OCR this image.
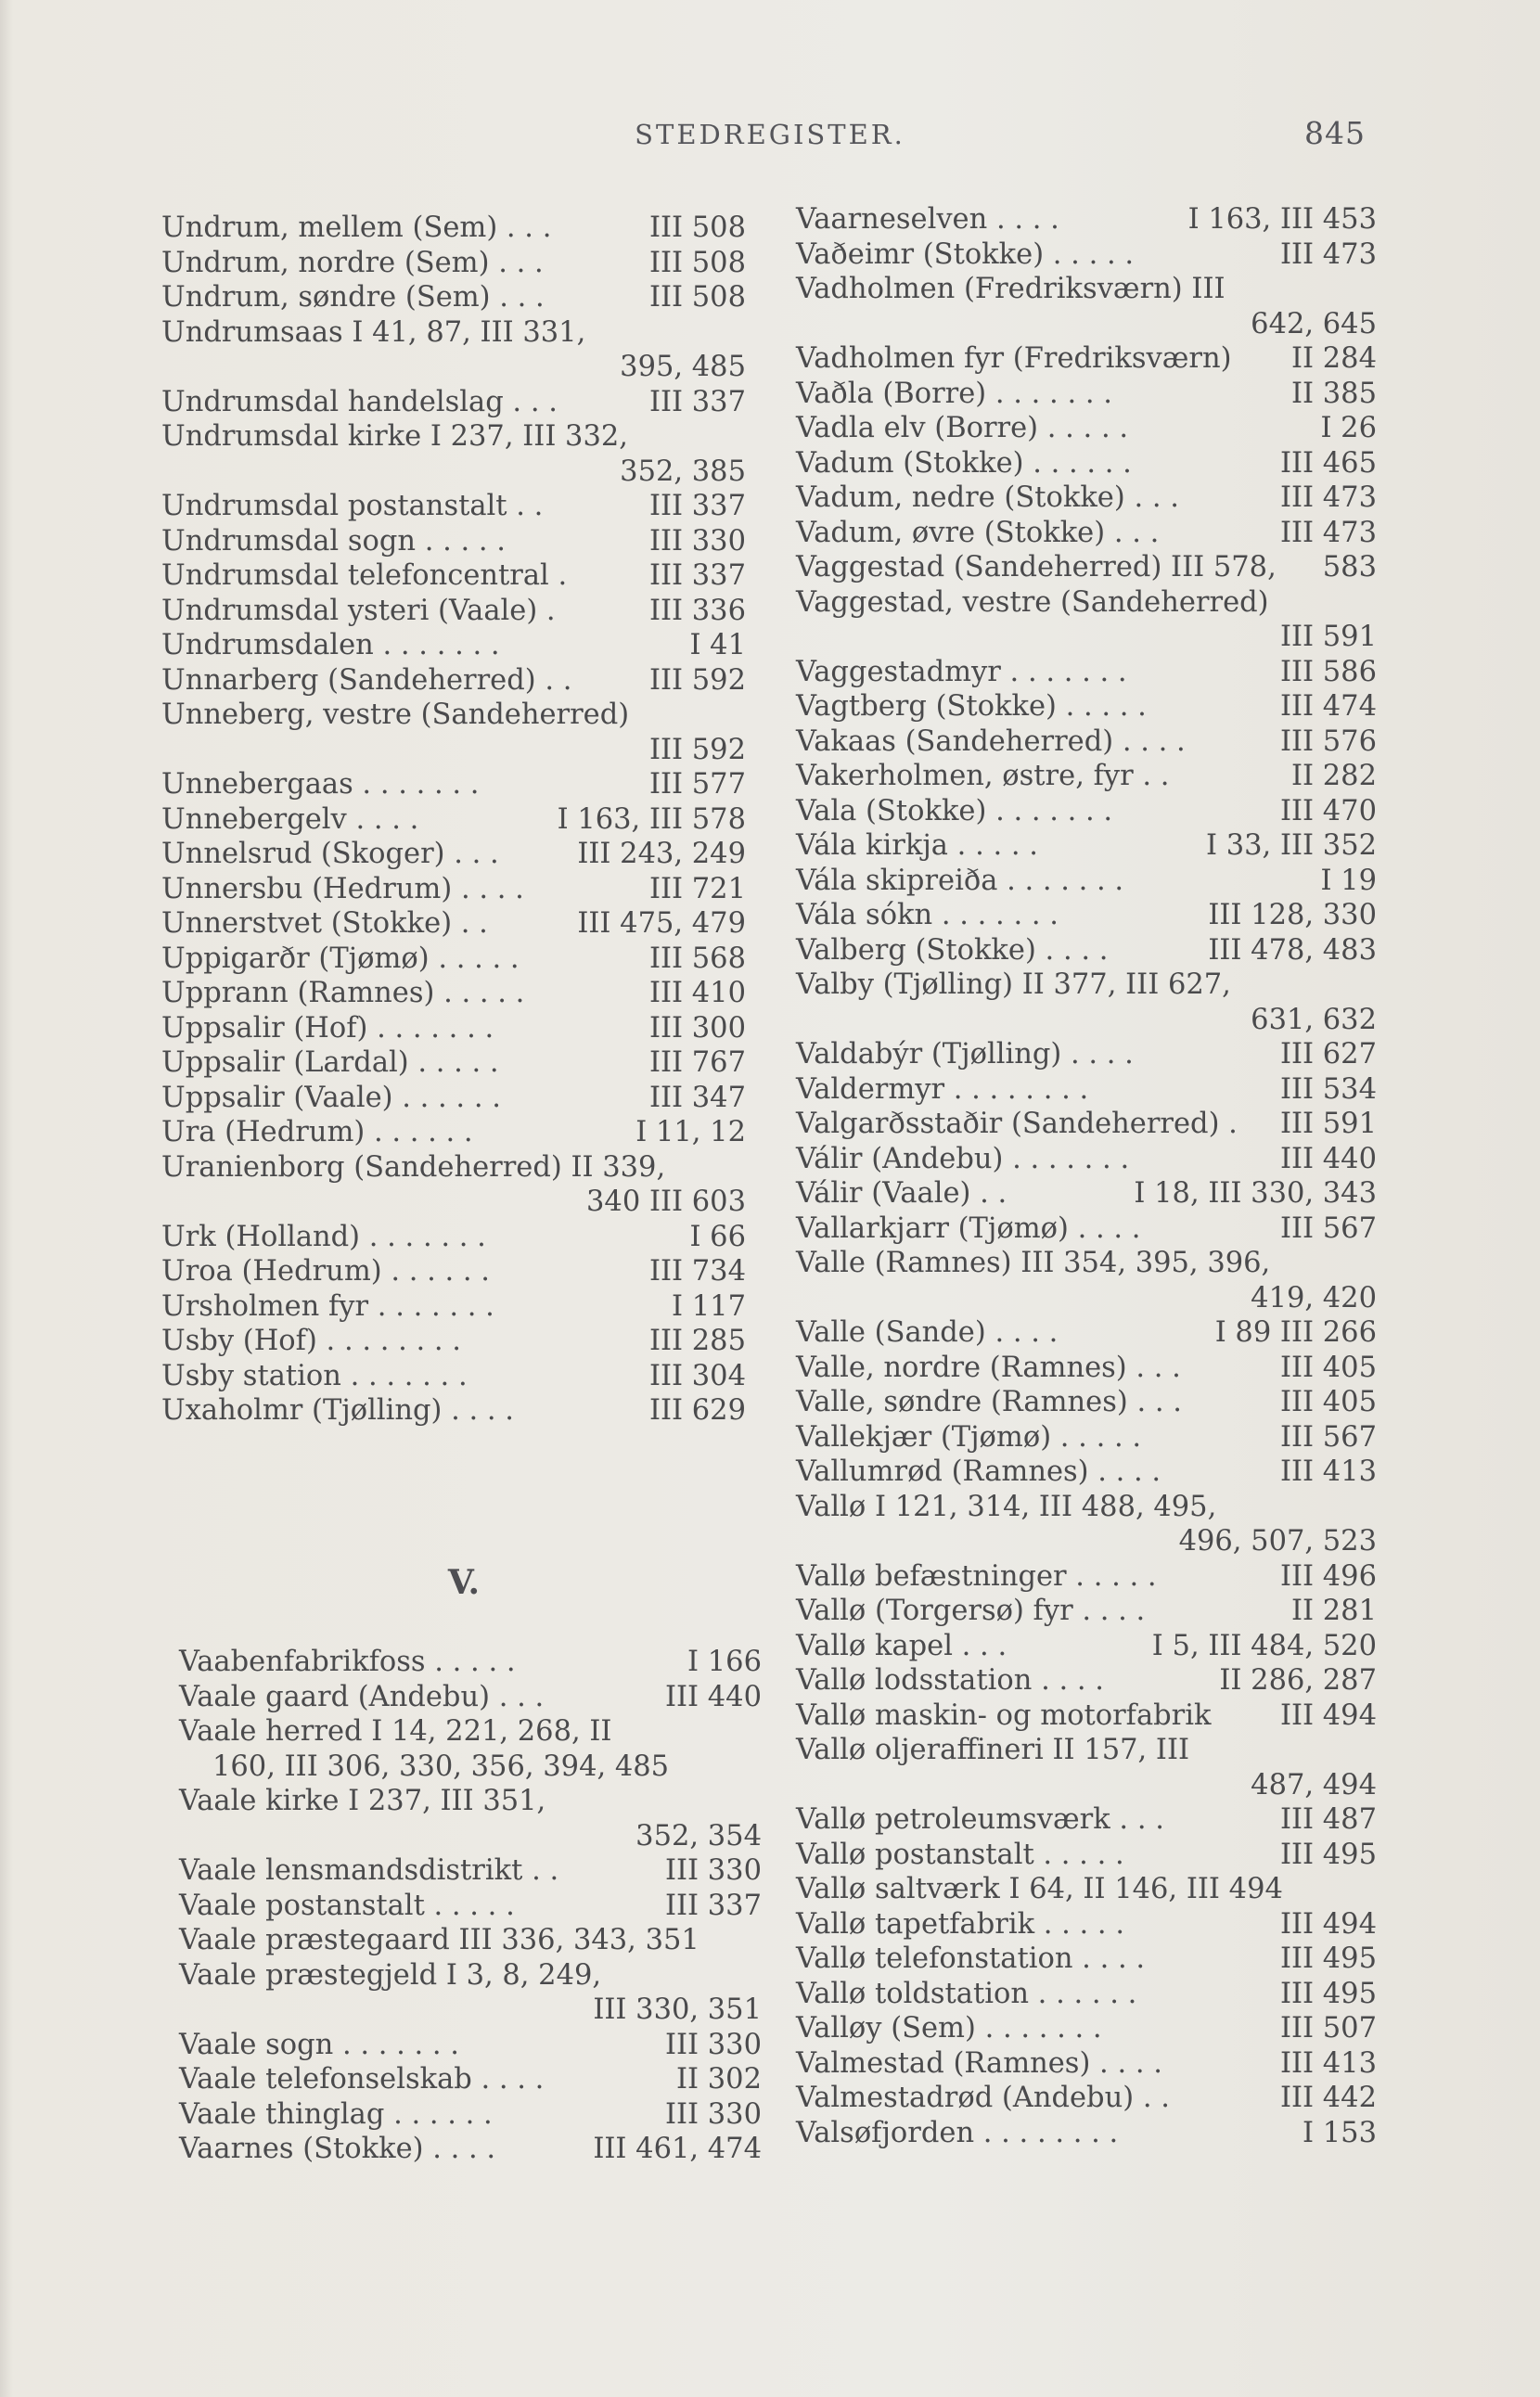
STEDREGISTER.	845
Undrum, mellem (Sem) . . .	III 508
Undrum, nordre (Sem) . . .	III 508
Undrum, søndre (Sem) . . .	III 508
Undrumsaas I 41, 87, III 331,
395, 485
Undrumsdal handelslag . . .	III 337
Undrumsdal kirke I 237, III 332,
352, 385
Undrumsdal postanstalt . .	III 337
Undrumsdal sogn . . . . .	III 330
Undrumsdal telefoncentral .	III 337
Undrumsdal ysteri (Vaale) .	III 336
Undrumsdalen . . . . . . .	I 41
Unnarberg (Sandeherred) . .	III 592
Unneberg, vestre (Sandeherred)
III 592
Unnebergaas . . . . . . .	III 577
Unnebergelv . . . .	I 163, III 578
Unnelsrud (Skoger) . . .	III 243, 249
Unnersbu (Hedrum) . . . .	III 721
Unnerstvet (Stokke) . .	III 475, 479
Uppigarðr (Tjømø) . . . . .	III 568
Upprann (Ramnes) . . . . .	III 410
Uppsalir (Hof) . . . . . . .	III 300
Uppsalir (Lardal) . . . . .	III 767
Uppsalir (Vaale) . . . . . .	III 347
Ura (Hedrum) . . . . . .	I 11, 12
Uranienborg (Sandeherred) II 339,
340 III 603
Urk (Holland) . . . . . . .	I 66
Uroa (Hedrum) . . . . . .	III 734
Ursholmen fyr . . . . . . .	I 117
Usby (Hof) . . . . . . . .	III 285
Usby station . . . . . . .	III 304
Uxaholmr (Tjølling) . . . .	III 629
V.
Vaabenfabrikfoss . . . . .	I 166
Vaale gaard (Andebu) . . .	III 440
Vaale herred I 14, 221, 268, II
160, III 306, 330, 356, 394, 485
Vaale kirke I 237, III 351,
352, 354
Vaale lensmandsdistrikt . .	III 330
Vaale postanstalt . . . . .	III 337
Vaale præstegaard III 336, 343, 351
Vaale præstegjeld I 3, 8, 249,
III 330, 351
Vaale sogn . . . . . . .	III 330
Vaale telefonselskab . . . .	II 302
Vaale thinglag . . . . . .	III 330
Vaarnes (Stokke) . . . .	III 461, 474
Vaarneselven . . . .	I 163, III 453
Vaðeimr (Stokke) . . . . .	III 473
Vadholmen (Fredriksværn) III
642, 645
Vadholmen fyr (Fredriksværn) II 284
Vaðla (Borre) . . . . . . .	II 385
Vadla elv (Borre) . . . . .	I 26
Vadum (Stokke) . . . . . .	III 465
Vadum, nedre (Stokke) . . .	III 473
Vadum, øvre (Stokke) . . .	III 473
Vaggestad (Sandeherred) III 578, 583
Vaggestad, vestre (Sandeherred)
III 591
Vaggestadmyr . . . . . . .	III 586
Vagtberg (Stokke) . . . . .	III 474
Vakaas (Sandeherred) . . . .	III 576
Vakerholmen, østre, fyr . .	II 282
Vala (Stokke) . . . . . . .	III 470
Vála kirkja . . . . .	I 33, III 352
Vála skipreiða . . . . . . .	I 19
Vála sókn . . . . . . .	III 128, 330
Valberg (Stokke) . . . .	III 478, 483
Valby (Tjølling) II 377, III 627,
631, 632
Valdabýr (Tjølling) . . . .	III 627
Valdermyr . . . . . . . .	III 534
Valgarðsstaðir (Sandeherred) . III 591
Válir (Andebu) . . . . . . .	III 440
Válir (Vaale) . .	I 18, III 330, 343
Vallarkjarr (Tjømø) . . . .	III 567
Valle (Ramnes) III 354, 395, 396,
419, 420
Valle (Sande) . . . .	I 89 III 266
Valle, nordre (Ramnes) . . .	III 405
Valle, søndre (Ramnes) . . .	III 405
Vallekjær (Tjømø) . . . . .	III 567
Vallumrød (Ramnes) . . . .	III 413
Vallø I 121, 314, III 488, 495,
496, 507, 523
Vallø befæstninger . . . . .	III 496
Vallø (Torgersø) fyr . . . .	II 281
Vallø kapel . . .	I 5, III 484, 520
Vallø lodsstation . . . .	II 286, 287
Vallø maskin- og motorfabrik III 494
Vallø oljeraffineri II 157, III
487, 494
Vallø petroleumsværk . . .	III 487
Vallø postanstalt . . . . .	III 495
Vallø saltværk I 64, II 146, III 494
Vallø tapetfabrik . . . . .	III 494
Vallø telefonstation . . . .	III 495
Vallø toldstation . . . . . .	III 495
Valløy (Sem) . . . . . . .	III 507
Valmestad (Ramnes) . . . .	III 413
Valmestadrød (Andebu) . .	III 442
Valsøfjorden . . . . . . . .	I 153
